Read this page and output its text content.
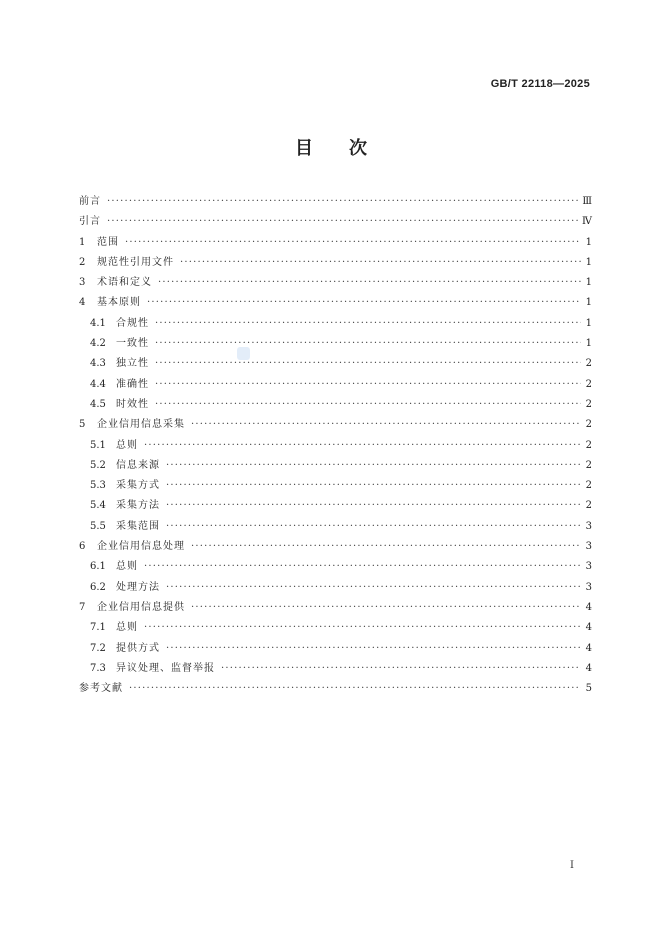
GB/T 22118—2025
目 次
前言 ·····	Ⅲ
引言 ·····	Ⅳ
1	范围 ·····	1
2	规范性引用文件 ·····	1
3	术语和定义 ·····	1
4	基本原则 ·····	1
4.1	合规性 ·····	1
4.2	一致性 ·····	1
4.3	独立性 ·····	2
4.4	准确性 ·····	2
4.5	时效性 ·····	2
5	企业信用信息采集 ·····	2
5.1	总则 ·····	2
5.2	信息来源 ·····	2
5.3	采集方式 ·····	2
5.4	采集方法 ·····	2
5.5	采集范围 ·····	3
6	企业信用信息处理 ·····	3
6.1	总则 ·····	3
6.2	处理方法 ·····	3
7	企业信用信息提供 ·····	4
7.1	总则 ·····	4
7.2	提供方式 ·····	4
7.3	异议处理、监督举报 ·····	4
参考文献 ·····	5
Ⅰ
